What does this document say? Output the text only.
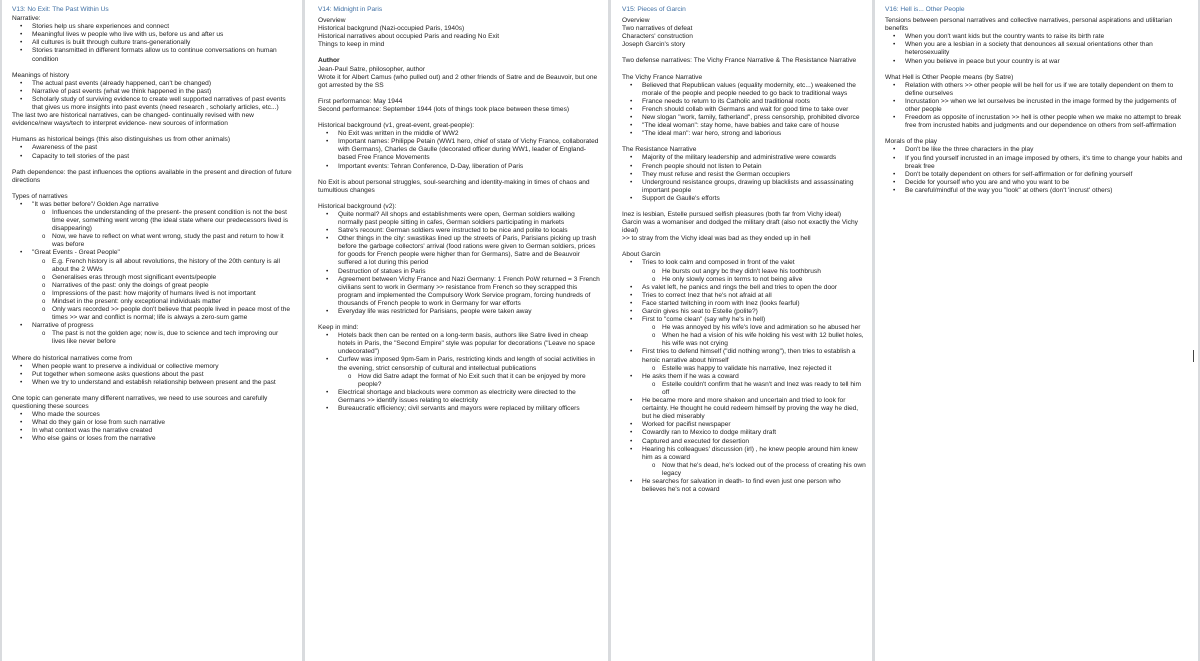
V13: No Exit: The Past Within Us
Narrative:
• Stories help us share experiences and connect
• Meaningful lives w people who live with us, before us and after us
• All cultures is built through culture trans-generationally
• Stories transmitted in different formats allow us to continue conversations on human condition
Meanings of history
• The actual past events (already happened, can't be changed)
• Narrative of past events (what we think happened in the past)
• Scholarly study of surviving evidence to create well supported narratives of past events that gives us more insights into past events (need research , scholarly articles, etc...)
The last two are historical narratives, can be changed- continually revised with new evidence/new ways/tech to interpret evidence- new sources of information
Humans as historical beings (this also distinguishes us from other animals)
• Awareness of the past
• Capacity to tell stories of the past
Path dependence: the past influences the options available in the present and direction of future directions
Types of narratives
• "It was better before"/ Golden Age narrative
o Influences the understanding of the present- the present condition is not the best time ever, something went wrong (the ideal state where our predecessors lived is disappearing)
o Now, we have to reflect on what went wrong, study the past and return to how it was before
• "Great Events - Great People"
o E.g. French history is all about revolutions, the history of the 20th century is all about the 2 WWs
o Generalises eras through most significant events/people
o Narratives of the past: only the doings of great people
o Impressions of the past: how majority of humans lived is not important
o Mindset in the present: only exceptional individuals matter
o Only wars recorded >> people don't believe that people lived in peace most of the times >> war and conflict is normal; life is always a zero-sum game
• Narrative of progress
o The past is not the golden age; now is, due to science and tech improving our lives like never before
Where do historical narratives come from
• When people want to preserve a individual or collective memory
• Put together when someone asks questions about the past
• When we try to understand and establish relationship between present and the past
One topic can generate many different narratives, we need to use sources and carefully questioning these sources
• Who made the sources
• What do they gain or lose from such narrative
• In what context was the narrative created
• Who else gains or loses from the narrative
V14: Midnight in Paris
Overview
Historical backgrund (Nazi-occupied Paris, 1940s)
Historical narratives about occupied Paris and reading No Exit
Things to keep in mind
Author
Jean-Paul Satre, philosopher, author
Wrote it for Albert Camus (who pulled out) and 2 other friends of Satre and de Beauvoir, but one got arrested by the SS
First performance: May 1944
Second performance: September 1944 (lots of things took place between these times)
Historical background (v1, great-event, great-people):
• No Exit was written in the middle of WW2
• Important names: Philippe Petain (WW1 hero, chief of state of Vichy France, collaborated with Germans), Charles de Gaulle (decorated officer during WW1, leader of England-based Free France Movements
• Important events: Tehran Conference, D-Day, liberation of Paris
No Exit is about personal struggles, soul-searching and identity-making in times of chaos and tumultious changes
Historical background (v2):
• Quite normal? All shops and establishments were open, German soldiers walking normally past people sitting in cafes, German soldiers participating in markets
• Satre's recount: German soldiers were instructed to be nice and polite to locals
• Other things in the city: swastikas lined up the streets of Paris, Parisians picking up trash before the garbage collectors' arrival (food rations were given to German soldiers, prices for goods for French people were higher than for Germans), Satre and de Beauvoir suffered a lot during this period
• Destruction of statues in Paris
• Agreement between Vichy France and Nazi Germany: 1 French PoW returned = 3 French civilians sent to work in Germany >> resistance from French so they scrapped this program and implemented the Compulsory Work Service program, forcing hundreds of thousands of French people to work in Germany for war efforts
• Everyday life was restricted for Parisians, people were taken away
Keep in mind:
• Hotels back then can be rented on a long-term basis, authors like Satre lived in cheap hotels in Paris, the "Second Empire" style was popular for decorations ("Leave no space undecorated")
• Curfew was imposed 9pm-5am in Paris, restricting kinds and length of social activities in the evening, strict censorship of cultural and intellectual publications
o How did Satre adapt the format of No Exit such that it can be enjoyed by more people?
• Electrical shortage and blackouts were common as electricity were directed to the Germans >> identify issues relating to electricity
• Bureaucratic efficiency; civil servants and mayors were replaced by military officers
V15: Pieces of Garcin
Overview
Two narratives of defeat
Characters' construction
Joseph Garcin's story
Two defense narratives: The Vichy France Narrative & The Resistance Narrative
The Vichy France Narrative
• Believed that Republican values (equality modernity, etc...) weakened the morale of the people and people needed to go back to traditional ways
• France needs to return to its Catholic and traditional roots
• French should collab with Germans and wait for good time to take over
• New slogan "work, family, fatherland", press censorship, prohibited divorce
• "The ideal woman": stay home, have babies and take care of house
• "The ideal man": war hero, strong and laborious
The Resistance Narrative
• Majority of the military leadership and administrative were cowards
• French people should not listen to Petain
• They must refuse and resist the German occupiers
• Underground resistance groups, drawing up blacklists and assassinating important people
• Support de Gaulle's efforts
Inez is lesbian, Estelle pursued selfish pleasures (both far from Vichy ideal)
Garcin was a womaniser and dodged the military draft (also not exactly the Vichy ideal)
>> to stray from the Vichy ideal was bad as they ended up in hell
About Garcin
• Tries to look calm and composed in front of the valet
o He bursts out angry bc they didn't leave his toothbrush
o He only slowly comes in terms to not being alive
• As valet left, he panics and rings the bell and tries to open the door
• Tries to correct Inez that he's not afraid at all
• Face started twitching in room with Inez (looks fearful)
• Garcin gives his seat to Estelle (polite?)
• First to "come clean" (say why he's in hell)
o He was annoyed by his wife's love and admiration so he abused her
o When he had a vision of his wife holding his vest with 12 bullet holes, his wife was not crying
• First tries to defend himself ("did nothing wrong"), then tries to establish a heroic narrative about himself
o Estelle was happy to validate his narrative, Inez rejected it
• He asks them if he was a coward
o Estelle couldn't confirm that he wasn't and Inez was ready to tell him off
• He became more and more shaken and uncertain and tried to look for certainty. He thought he could redeem himself by proving the way he died, but he died miserably
• Worked for pacifist newspaper
• Cowardly ran to Mexico to dodge military draft
• Captured and executed for desertion
• Hearing his colleagues' discussion (irl) , he knew people around him knew him as a coward
o Now that he's dead, he's locked out of the process of creating his own legacy
• He searches for salvation in death- to find even just one person who believes he's not a coward
V16: Hell is... Other People
Tensions between personal narratives and collective narratives, personal aspirations and utilitarian benefits
• When you don't want kids but the country wants to raise its birth rate
• When you are a lesbian in a society that denounces all sexual orientations other than heterosexuality
• When you believe in peace but your country is at war
What Hell is Other People means (by Satre)
• Relation with others >> other people will be hell for us if we are totally dependent on them to define ourselves
• Incrustation >> when we let ourselves be incrusted in the image formed by the judgements of other people
• Freedom as opposite of incrustation >> hell is other people when we make no attempt to break free from incrusted habits and judgments and our dependence on others from self-affirmation
Morals of the play
• Don't be like the three characters in the play
• If you find yourself incrusted in an image imposed by others, it's time to change your habits and break free
• Don't be totally dependent on others for self-affirmation or for defining yourself
• Decide for yourself who you are and who you want to be
• Be careful/mindful of the way you "look" at others (don't 'incrust' others)
